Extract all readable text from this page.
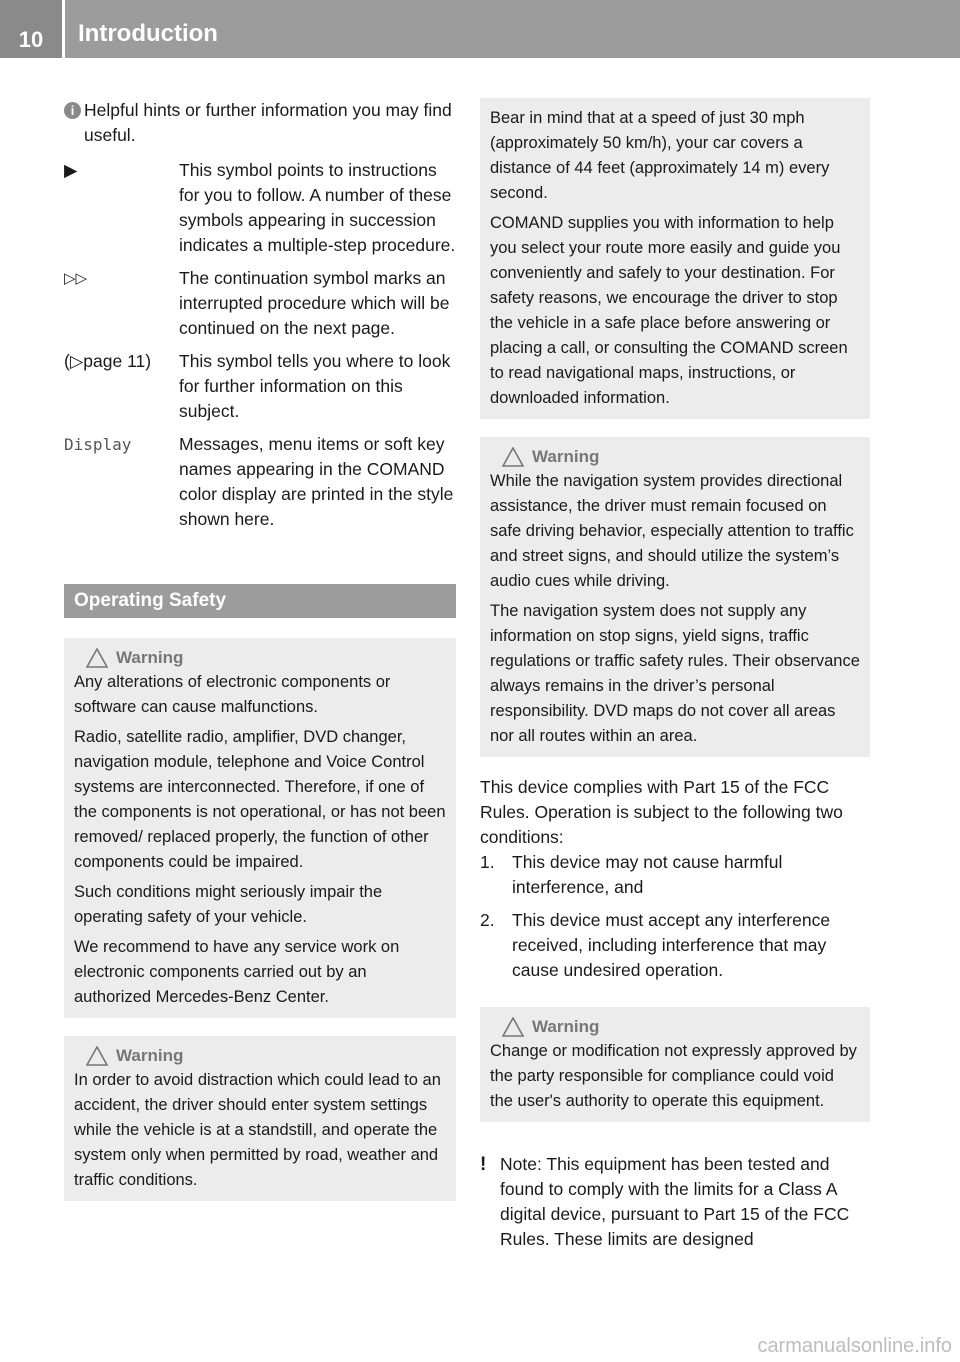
10	Introduction

i Helpful hints or further information you may find useful.

▶	This symbol points to instructions for you to follow. A number of these symbols appearing in succession indicates a multiple-step procedure.
▷▷	The continuation symbol marks an interrupted procedure which will be continued on the next page.
(▷page 11)	This symbol tells you where to look for further information on this subject.
Display	Messages, menu items or soft key names appearing in the COMAND color display are printed in the style shown here.
Operating Safety
Warning

Any alterations of electronic components or software can cause malfunctions.

Radio, satellite radio, amplifier, DVD changer, navigation module, telephone and Voice Control systems are interconnected. Therefore, if one of the components is not operational, or has not been removed/ replaced properly, the function of other components could be impaired.

Such conditions might seriously impair the operating safety of your vehicle.

We recommend to have any service work on electronic components carried out by an authorized Mercedes-Benz Center.

Warning

In order to avoid distraction which could lead to an accident, the driver should enter system settings while the vehicle is at a standstill, and operate the system only when permitted by road, weather and traffic conditions.

Bear in mind that at a speed of just 30 mph (approximately 50 km/h), your car covers a distance of 44 feet (approximately 14 m) every second.

COMAND supplies you with information to help you select your route more easily and guide you conveniently and safely to your destination. For safety reasons, we encourage the driver to stop the vehicle in a safe place before answering or placing a call, or consulting the COMAND screen to read navigational maps, instructions, or downloaded information.

Warning

While the navigation system provides directional assistance, the driver must remain focused on safe driving behavior, especially attention to traffic and street signs, and should utilize the system’s audio cues while driving.

The navigation system does not supply any information on stop signs, yield signs, traffic regulations or traffic safety rules. Their observance always remains in the driver’s personal responsibility. DVD maps do not cover all areas nor all routes within an area.

This device complies with Part 15 of the FCC Rules. Operation is subject to the following two conditions:

1. This device may not cause harmful interference, and
2. This device must accept any interference received, including interference that may cause undesired operation.
Warning

Change or modification not expressly approved by the party responsible for compliance could void the user's authority to operate this equipment.

! Note: This equipment has been tested and found to comply with the limits for a Class A digital device, pursuant to Part 15 of the FCC Rules. These limits are designed

carmanualsonline.info
